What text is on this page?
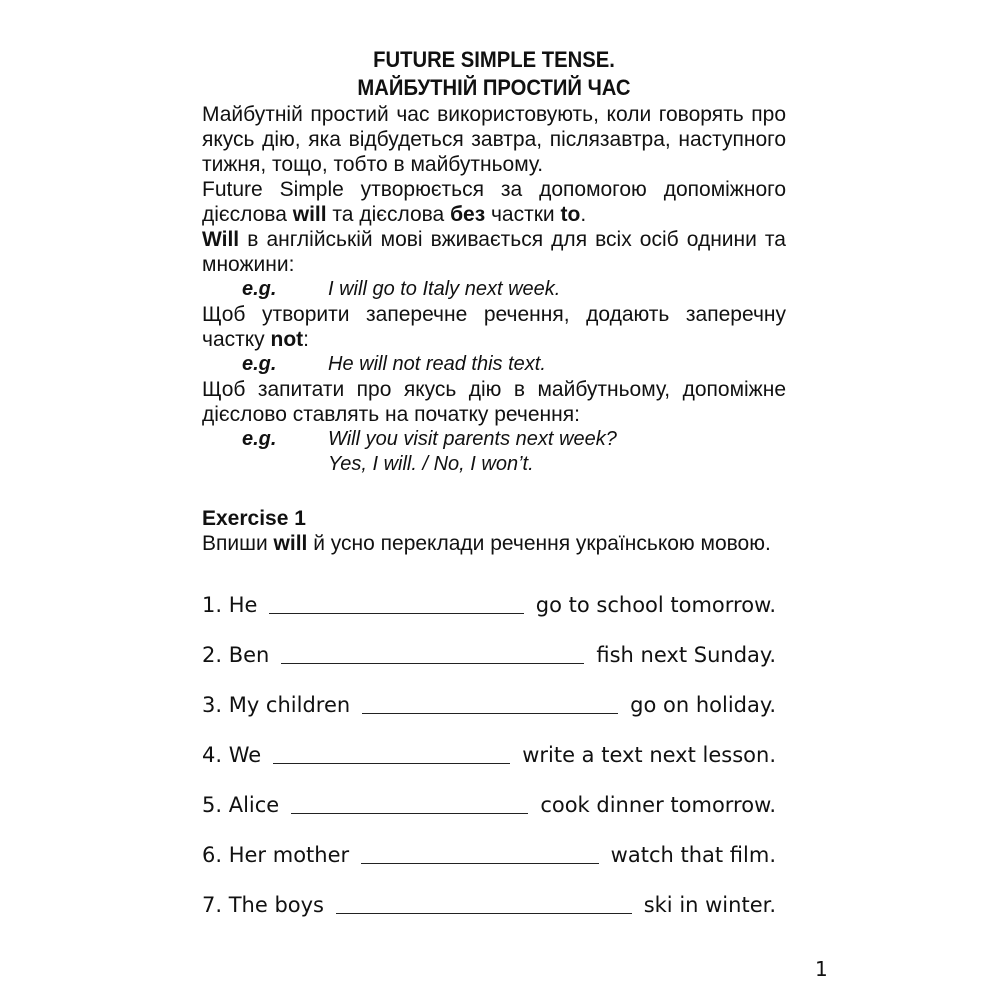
FUTURE SIMPLE TENSE.
МАЙБУТНІЙ ПРОСТИЙ ЧАС

Майбутній простий час використовують, коли говорять про якусь дію, яка відбудеться завтра, післязавтра, наступного тижня, тощо, тобто в майбутньому.

Future Simple утворюється за допомогою допоміжного дієслова will та дієслова без частки to.

Will в англійській мові вживається для всіх осіб однини та множини:

e.g.	I will go to Italy next week.

Щоб утворити заперечне речення, додають заперечну частку not:

e.g.	He will not read this text.

Щоб запитати про якусь дію в майбутньому, допоміжне дієслово ставлять на початку речення:

e.g.	Will you visit parents next week?
Yes, I will. / No, I won’t.
Exercise 1

Впиши will й усно переклади речення українською мовою.

1. He	go to school tomorrow.
2. Ben	fish next Sunday.
3. My children	go on holiday.
4. We	write a text next lesson.
5. Alice	cook dinner tomorrow.
6. Her mother	watch that film.
7. The boys	ski in winter.
1
